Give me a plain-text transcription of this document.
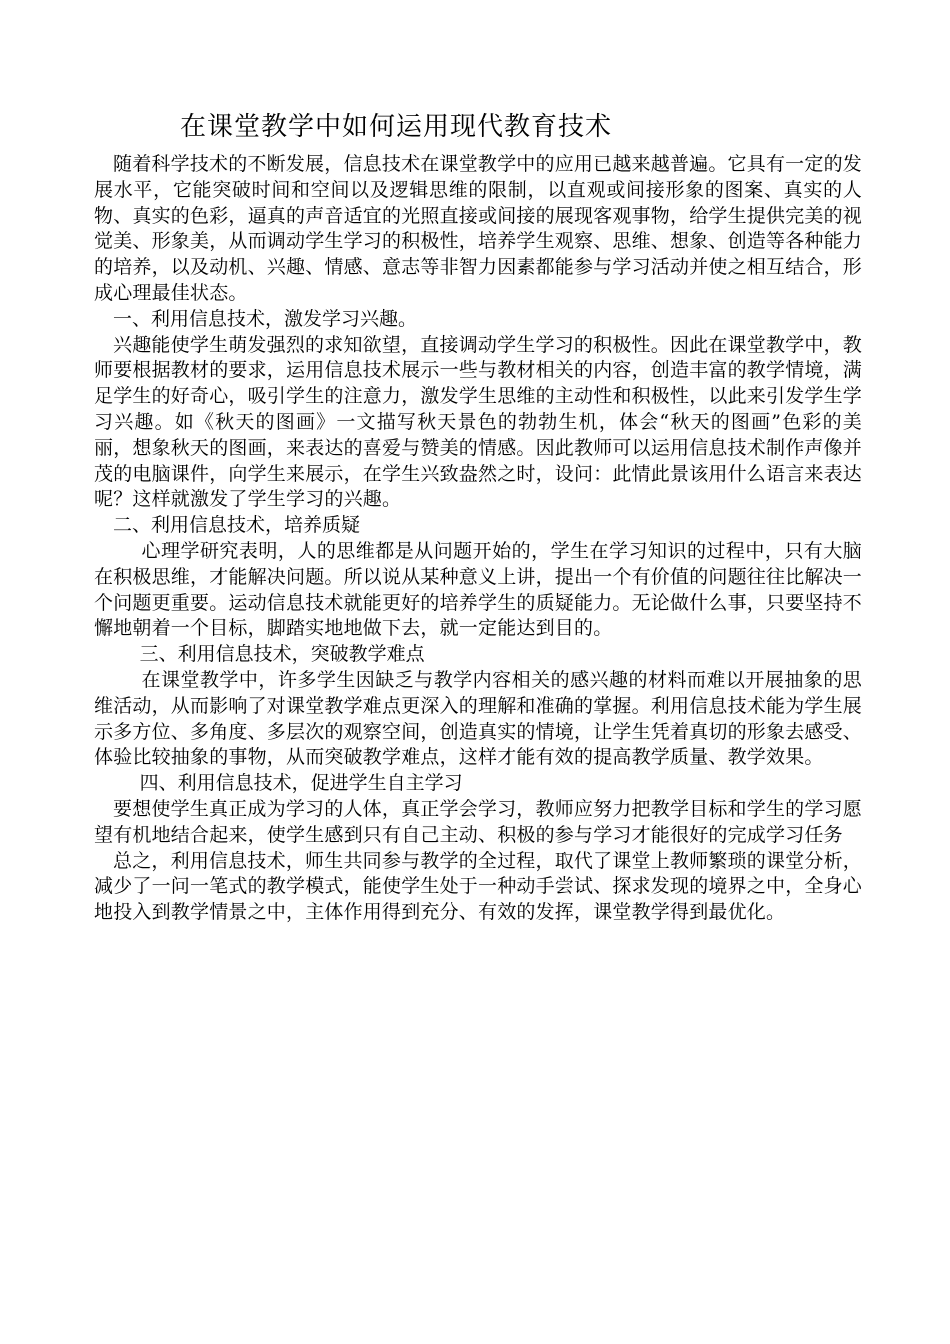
在课堂教学中如何运用现代教育技术

随着科学技术的不断发展，信息技术在课堂教学中的应用已越来越普遍。它具有一定的发展水平，它能突破时间和空间以及逻辑思维的限制，以直观或间接形象的图案、真实的人物、真实的色彩，逼真的声音适宜的光照直接或间接的展现客观事物，给学生提供完美的视觉美、形象美，从而调动学生学习的积极性，培养学生观察、思维、想象、创造等各种能力的培养，以及动机、兴趣、情感、意志等非智力因素都能参与学习活动并使之相互结合，形成心理最佳状态。

一、利用信息技术，激发学习兴趣。

兴趣能使学生萌发强烈的求知欲望，直接调动学生学习的积极性。因此在课堂教学中，教师要根据教材的要求，运用信息技术展示一些与教材相关的内容，创造丰富的教学情境，满足学生的好奇心，吸引学生的注意力，激发学生思维的主动性和积极性，以此来引发学生学习兴趣。如《秋天的图画》一文描写秋天景色的勃勃生机，体会“秋天的图画”色彩的美丽，想象秋天的图画，来表达的喜爱与赞美的情感。因此教师可以运用信息技术制作声像并茂的电脑课件，向学生来展示，在学生兴致盎然之时，设问：此情此景该用什么语言来表达呢？这样就激发了学生学习的兴趣。

二、利用信息技术，培养质疑

心理学研究表明，人的思维都是从问题开始的，学生在学习知识的过程中，只有大脑在积极思维，才能解决问题。所以说从某种意义上讲，提出一个有价值的问题往往比解决一个问题更重要。运动信息技术就能更好的培养学生的质疑能力。无论做什么事，只要坚持不懈地朝着一个目标，脚踏实地地做下去，就一定能达到目的。

三、利用信息技术，突破教学难点

在课堂教学中，许多学生因缺乏与教学内容相关的感兴趣的材料而难以开展抽象的思维活动，从而影响了对课堂教学难点更深入的理解和准确的掌握。利用信息技术能为学生展示多方位、多角度、多层次的观察空间，创造真实的情境，让学生凭着真切的形象去感受、体验比较抽象的事物，从而突破教学难点，这样才能有效的提高教学质量、教学效果。

四、利用信息技术，促进学生自主学习

要想使学生真正成为学习的人体，真正学会学习，教师应努力把教学目标和学生的学习愿望有机地结合起来，使学生感到只有自己主动、积极的参与学习才能很好的完成学习任务

总之，利用信息技术，师生共同参与教学的全过程，取代了课堂上教师繁琐的课堂分析，减少了一问一笔式的教学模式，能使学生处于一种动手尝试、探求发现的境界之中，全身心地投入到教学情景之中，主体作用得到充分、有效的发挥，课堂教学得到最优化。
